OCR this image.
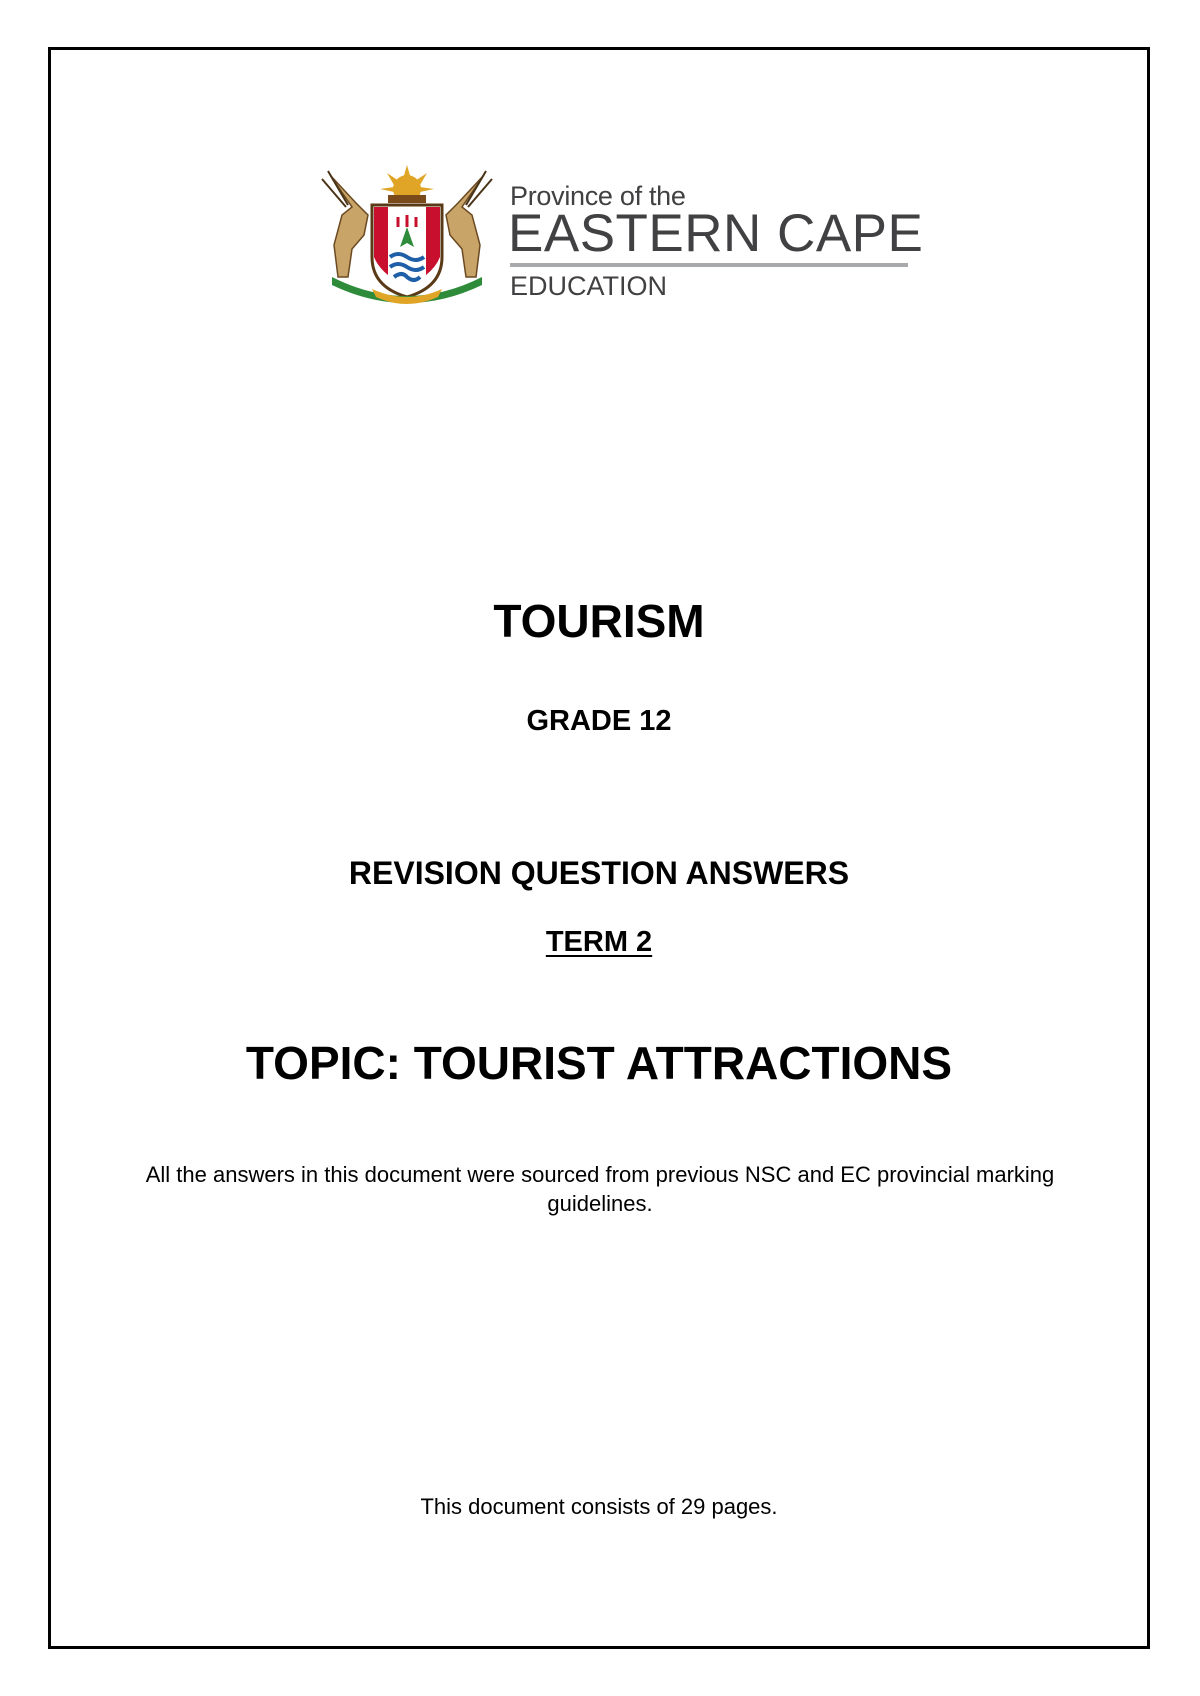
Province of the
EASTERN CAPE
EDUCATION
TOURISM
GRADE 12
REVISION QUESTION ANSWERS
TERM 2
TOPIC: TOURIST ATTRACTIONS
All the answers in this document were sourced from previous NSC and EC provincial marking guidelines.
This document consists of 29 pages.
